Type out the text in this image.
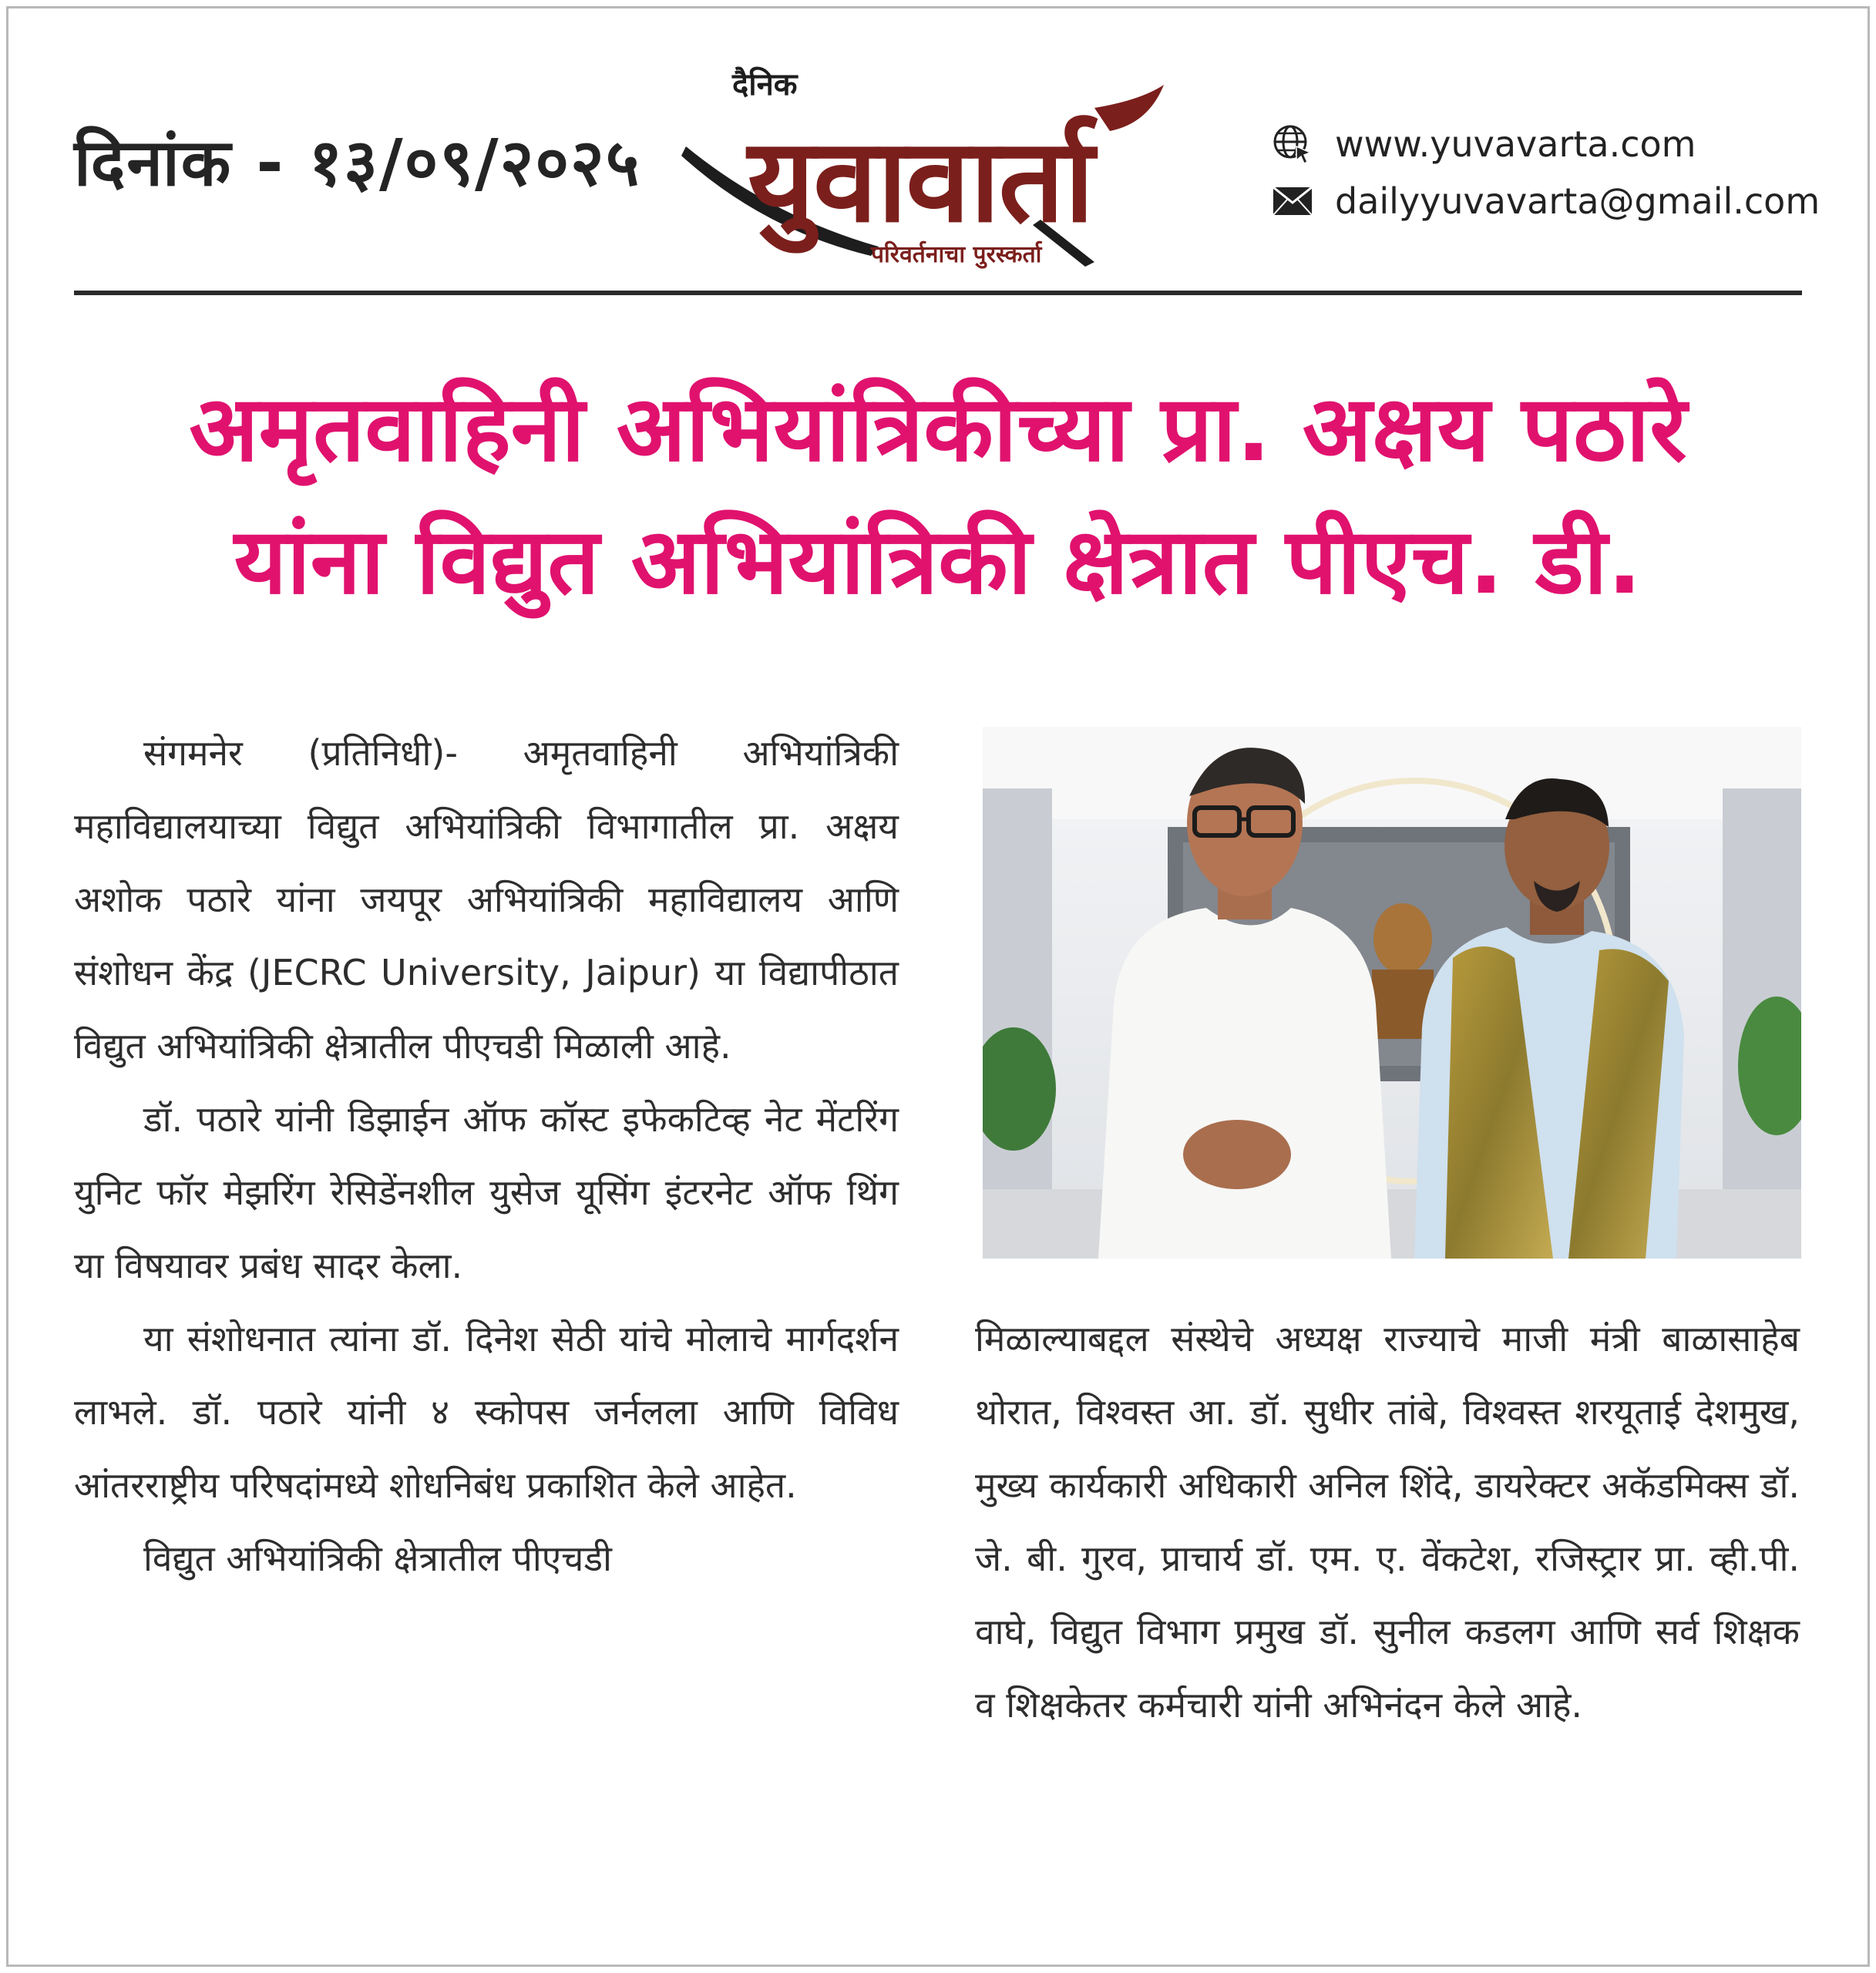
दिनांक - १३/०९/२०२५
दैनिक
युवावार्ता
परिवर्तनाचा पुरस्कर्ता
www.yuvavarta.com
dailyyuvavarta@gmail.com
अमृतवाहिनी अभियांत्रिकीच्या प्रा. अक्षय पठारे
यांना विद्युत अभियांत्रिकी क्षेत्रात पीएच. डी.

संगमनेर (प्रतिनिधी)- अमृतवाहिनी अभियांत्रिकी महाविद्यालयाच्या विद्युत अभियांत्रिकी विभागातील प्रा. अक्षय अशोक पठारे यांना जयपूर अभियांत्रिकी महाविद्यालय आणि संशोधन केंद्र (JECRC University, Jaipur) या विद्यापीठात विद्युत अभियांत्रिकी क्षेत्रातील पीएचडी मिळाली आहे.

डॉ. पठारे यांनी डिझाईन ऑफ कॉस्ट इफेकटिव्ह नेट मेंटरिंग युनिट फॉर मेझरिंग रेसिडेंनशील युसेज यूसिंग इंटरनेट ऑफ थिंग या विषयावर प्रबंध सादर केला.

या संशोधनात त्यांना डॉ. दिनेश सेठी यांचे मोलाचे मार्गदर्शन लाभले. डॉ. पठारे यांनी ४ स्कोपस जर्नलला आणि विविध आंतरराष्ट्रीय परिषदांमध्ये शोधनिबंध प्रकाशित केले आहेत.

विद्युत अभियांत्रिकी क्षेत्रातील पीएचडी

मिळाल्याबद्दल संस्थेचे अध्यक्ष राज्याचे माजी मंत्री बाळासाहेब थोरात, विश्वस्त आ. डॉ. सुधीर तांबे, विश्वस्त शरयूताई देशमुख, मुख्य कार्यकारी अधिकारी अनिल शिंदे, डायरेक्टर अकॅडमिक्स डॉ. जे. बी. गुरव, प्राचार्य डॉ. एम. ए. वेंकटेश, रजिस्ट्रार प्रा. व्ही.पी. वाघे, विद्युत विभाग प्रमुख डॉ. सुनील कडलग आणि सर्व शिक्षक व शिक्षकेतर कर्मचारी यांनी अभिनंदन केले आहे.
